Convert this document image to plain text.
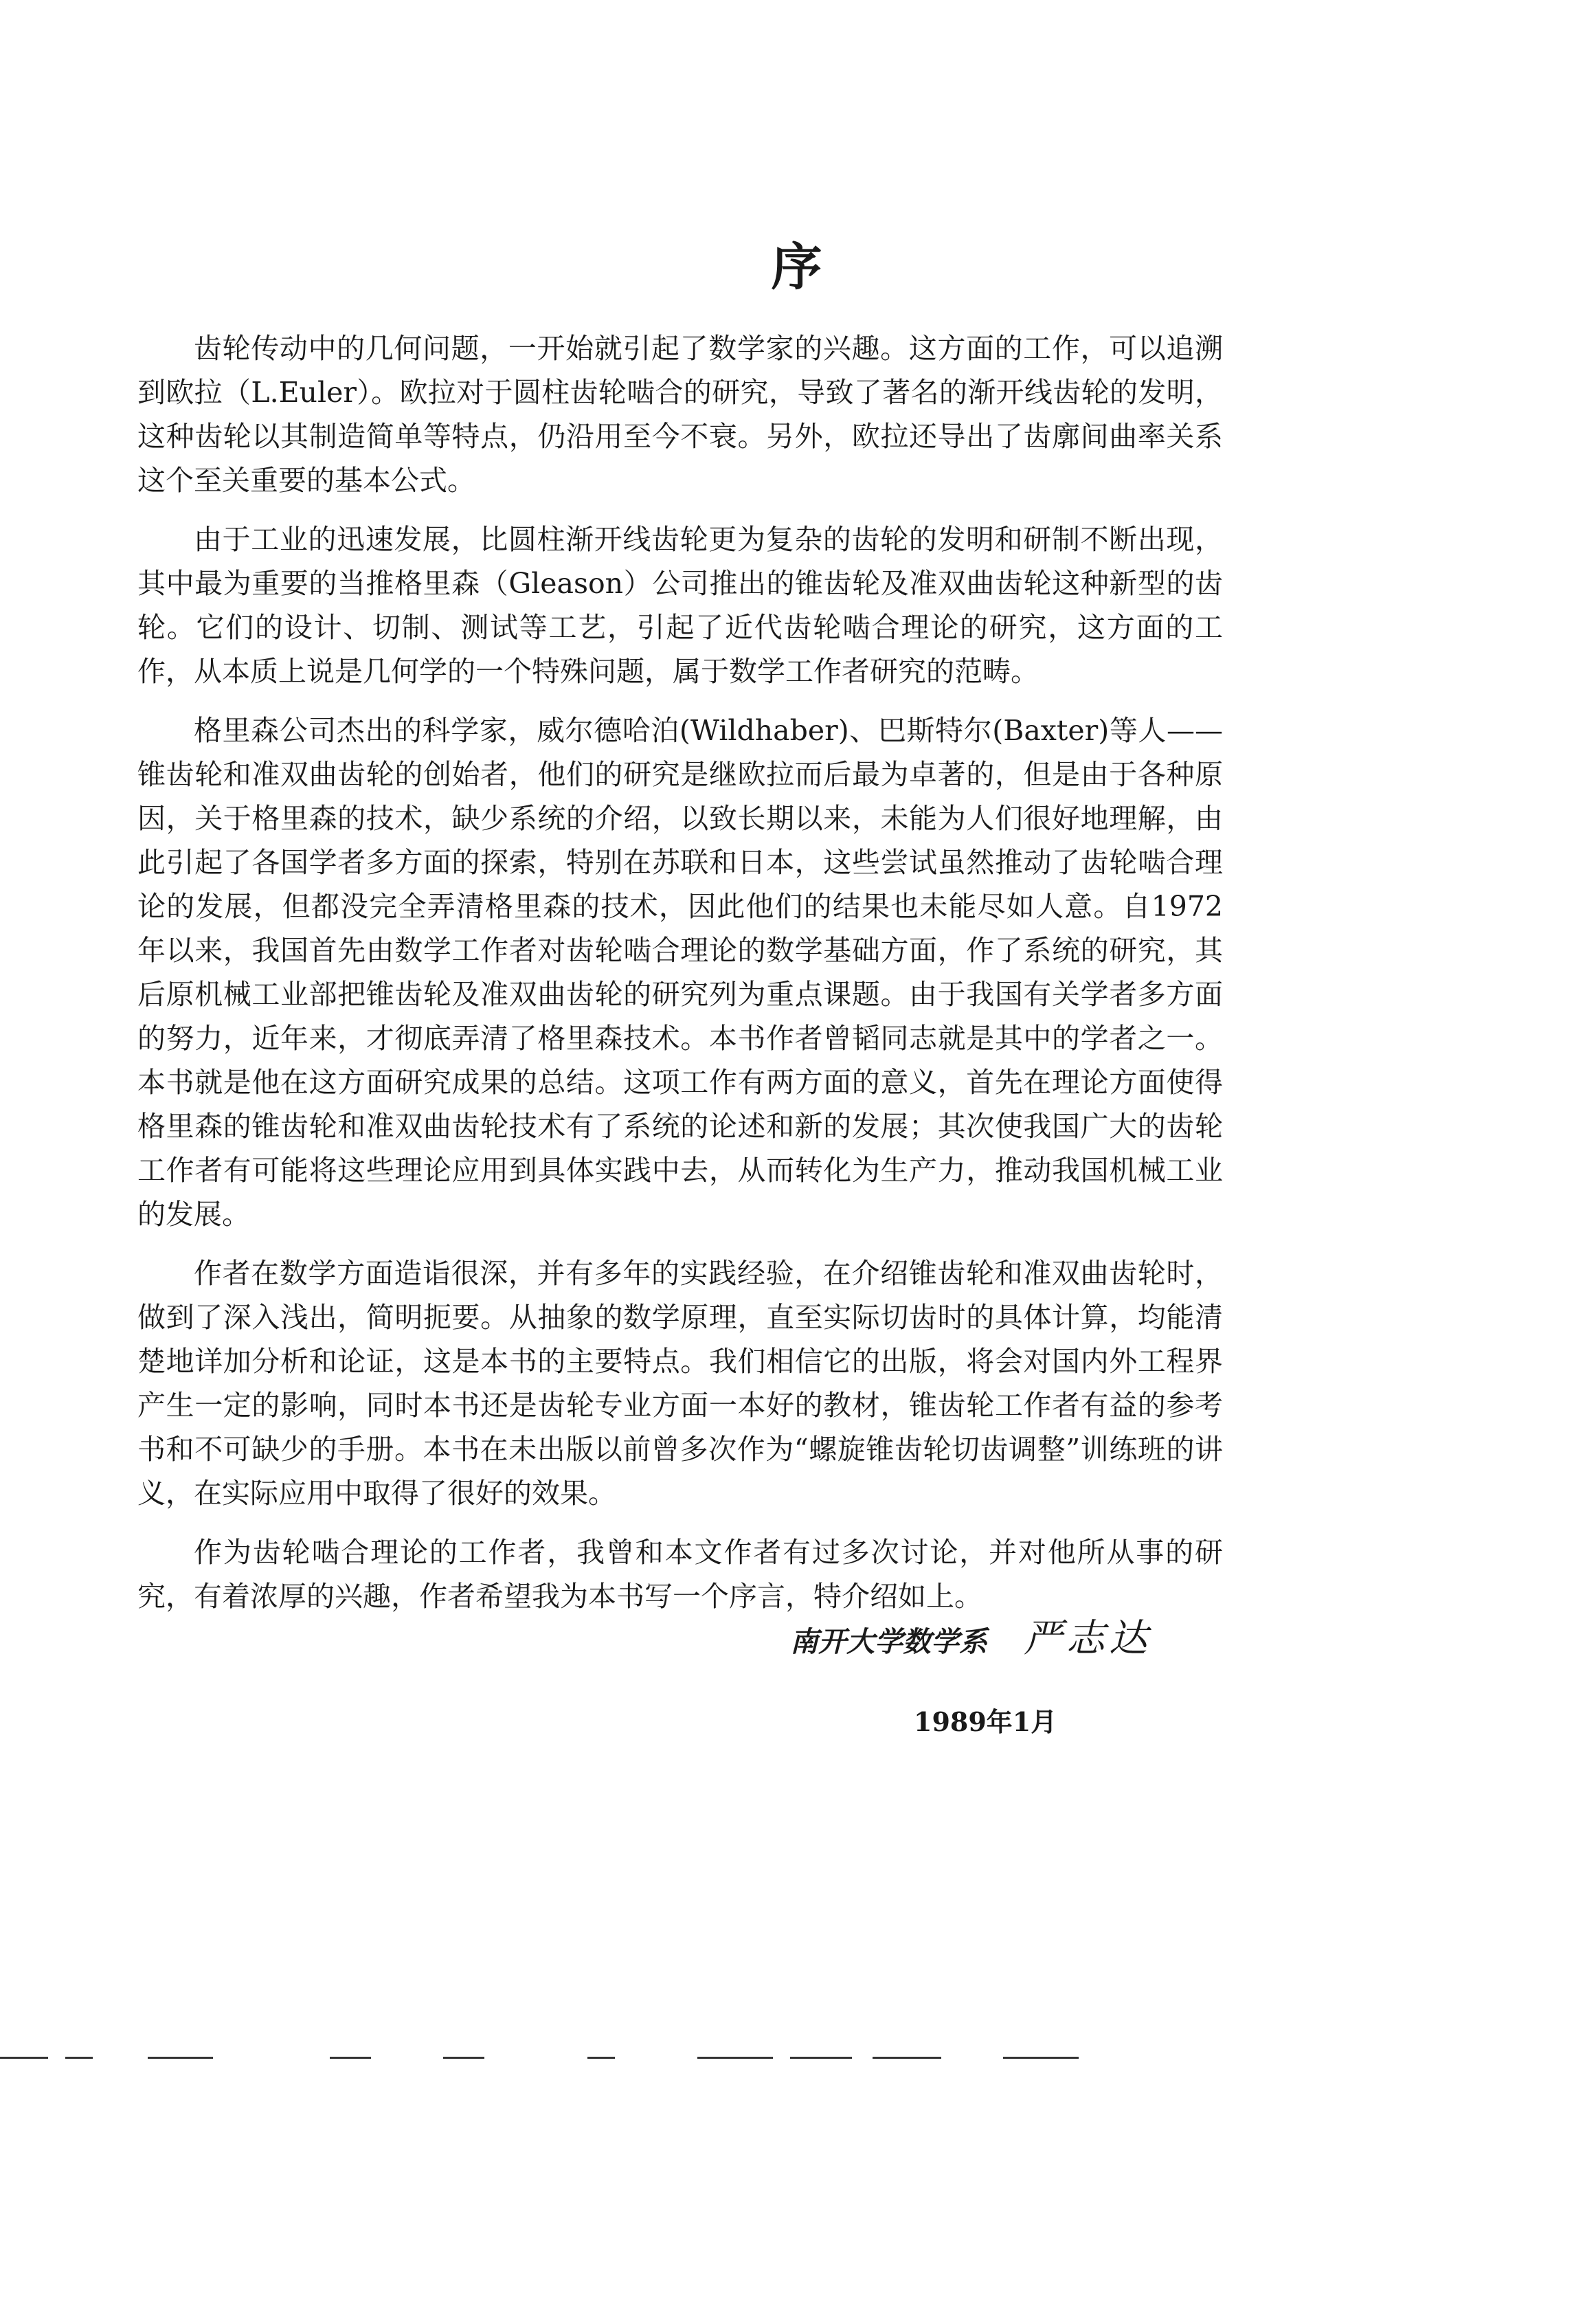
序

齿轮传动中的几何问题，一开始就引起了数学家的兴趣。这方面的工作，可以追溯到欧拉（L.Euler）。欧拉对于圆柱齿轮啮合的研究，导致了著名的渐开线齿轮的发明，这种齿轮以其制造简单等特点，仍沿用至今不衰。另外，欧拉还导出了齿廓间曲率关系这个至关重要的基本公式。

由于工业的迅速发展，比圆柱渐开线齿轮更为复杂的齿轮的发明和研制不断出现，其中最为重要的当推格里森（Gleason）公司推出的锥齿轮及准双曲齿轮这种新型的齿轮。它们的设计、切制、测试等工艺，引起了近代齿轮啮合理论的研究，这方面的工作，从本质上说是几何学的一个特殊问题，属于数学工作者研究的范畴。

格里森公司杰出的科学家，威尔德哈泊(Wildhaber)、巴斯特尔(Baxter)等人——锥齿轮和准双曲齿轮的创始者，他们的研究是继欧拉而后最为卓著的，但是由于各种原因，关于格里森的技术，缺少系统的介绍，以致长期以来，未能为人们很好地理解，由此引起了各国学者多方面的探索，特别在苏联和日本，这些尝试虽然推动了齿轮啮合理论的发展，但都没完全弄清格里森的技术，因此他们的结果也未能尽如人意。自1972年以来，我国首先由数学工作者对齿轮啮合理论的数学基础方面，作了系统的研究，其后原机械工业部把锥齿轮及准双曲齿轮的研究列为重点课题。由于我国有关学者多方面的努力，近年来，才彻底弄清了格里森技术。本书作者曾韬同志就是其中的学者之一。本书就是他在这方面研究成果的总结。这项工作有两方面的意义，首先在理论方面使得格里森的锥齿轮和准双曲齿轮技术有了系统的论述和新的发展；其次使我国广大的齿轮工作者有可能将这些理论应用到具体实践中去，从而转化为生产力，推动我国机械工业的发展。

作者在数学方面造诣很深，并有多年的实践经验，在介绍锥齿轮和准双曲齿轮时，做到了深入浅出，简明扼要。从抽象的数学原理，直至实际切齿时的具体计算，均能清楚地详加分析和论证，这是本书的主要特点。我们相信它的出版，将会对国内外工程界产生一定的影响，同时本书还是齿轮专业方面一本好的教材，锥齿轮工作者有益的参考书和不可缺少的手册。本书在未出版以前曾多次作为“螺旋锥齿轮切齿调整”训练班的讲义，在实际应用中取得了很好的效果。

作为齿轮啮合理论的工作者，我曾和本文作者有过多次讨论，并对他所从事的研究，有着浓厚的兴趣，作者希望我为本书写一个序言，特介绍如上。

南开大学数学系 严志达
1989年1月
